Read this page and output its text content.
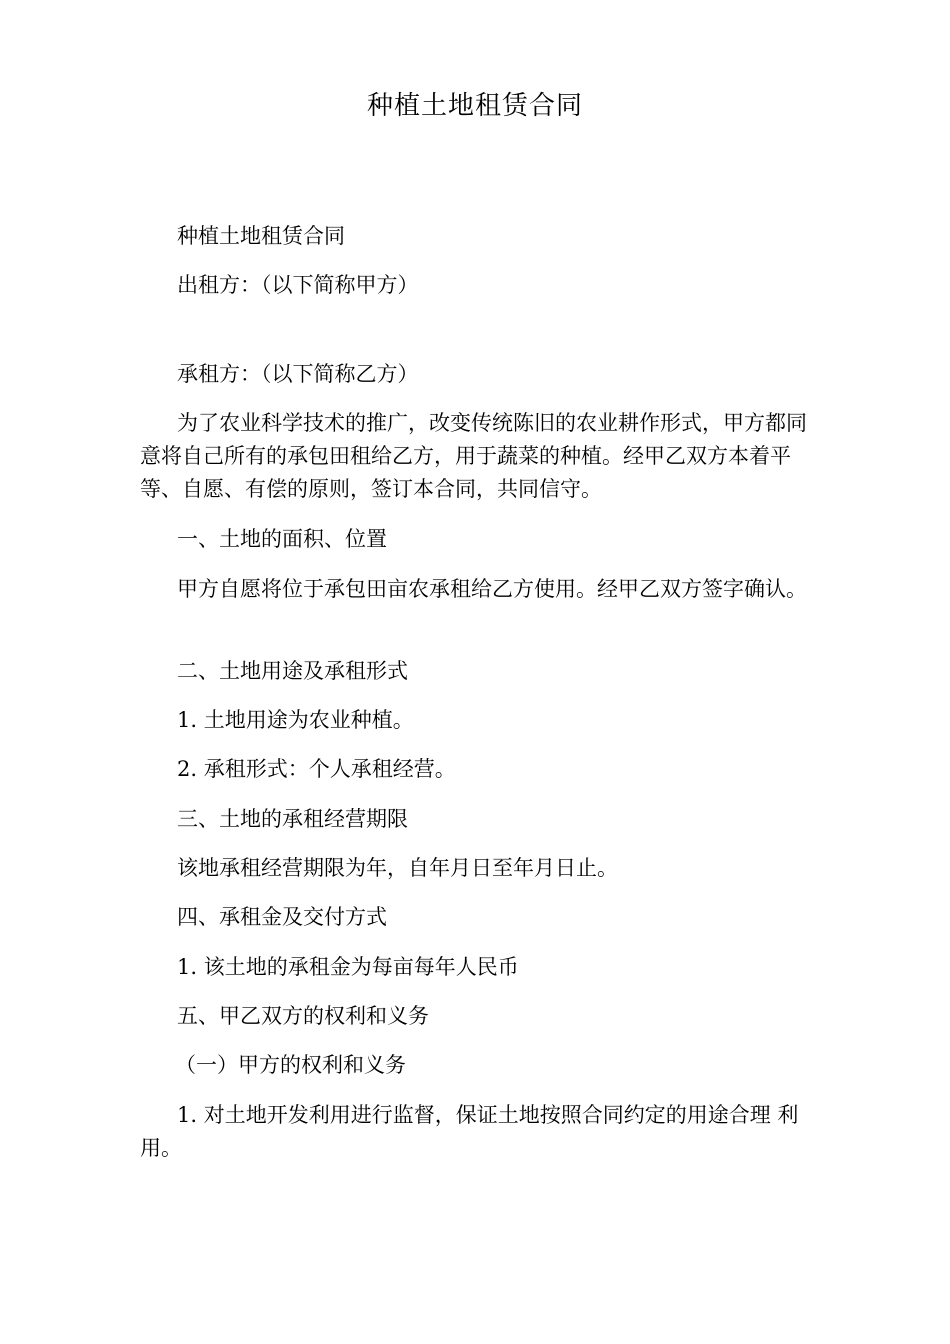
种植土地租赁合同

种植土地租赁合同

出租方：（以下简称甲方）

承租方：（以下简称乙方）

为了农业科学技术的推广，改变传统陈旧的农业耕作形式，甲方都同意将自己所有的承包田租给乙方，用于蔬菜的种植。经甲乙双方本着平等、自愿、有偿的原则，签订本合同，共同信守。

一、土地的面积、位置

甲方自愿将位于承包田亩农承租给乙方使用。经甲乙双方签字确认。

二、土地用途及承租形式

1. 土地用途为农业种植。

2. 承租形式：个人承租经营。

三、土地的承租经营期限

该地承租经营期限为年，自年月日至年月日止。

四、承租金及交付方式

1. 该土地的承租金为每亩每年人民币

五、甲乙双方的权利和义务

（一）甲方的权利和义务

1. 对土地开发利用进行监督，保证土地按照合同约定的用途合理 利用。
